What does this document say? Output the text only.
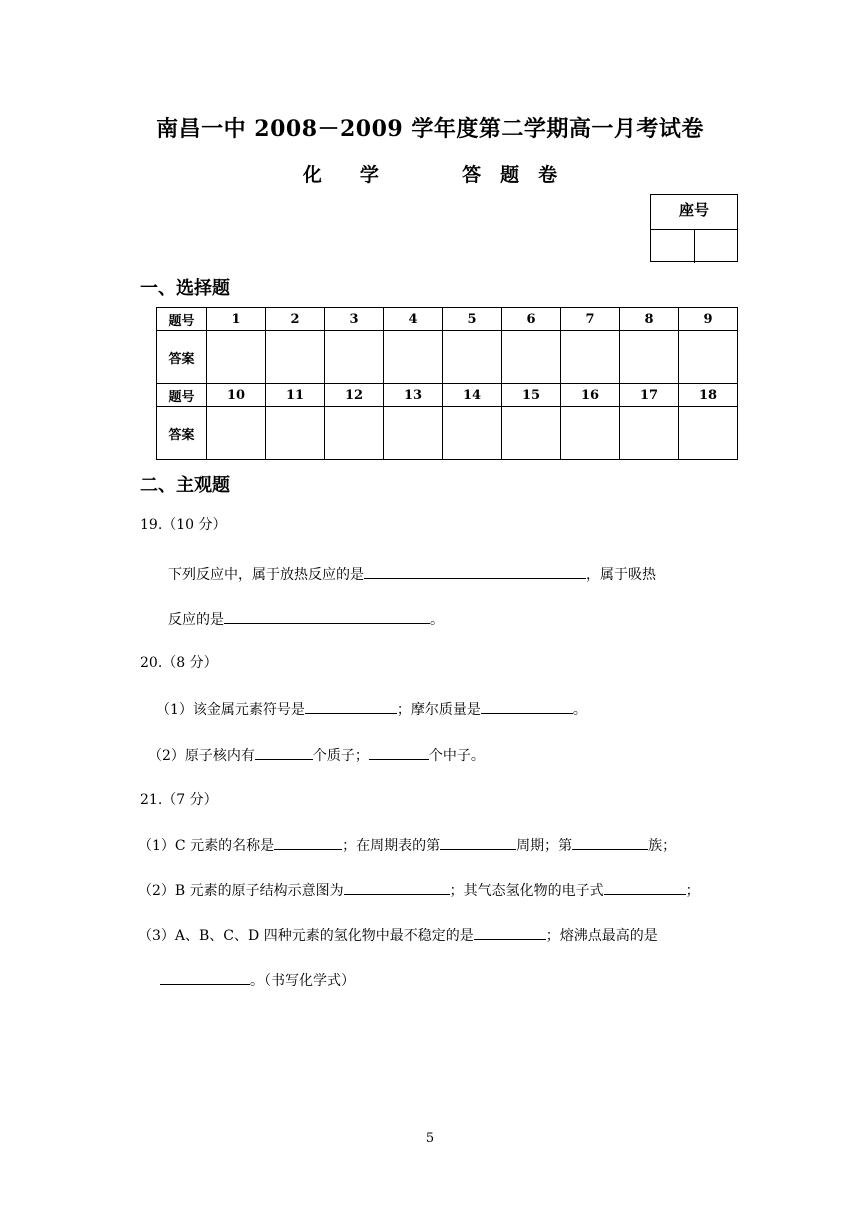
南昌一中 2008－2009 学年度第二学期高一月考试卷
化　　学	答　题　卷
座号
一、选择题
题号	1	2	3	4	5	6	7	8	9
答案									
题号	10	11	12	13	14	15	16	17	18
答案									
二、主观题
19.（10 分）
下列反应中，属于放热反应的是	，属于吸热
反应的是	。
20.（8 分）
（1）该金属元素符号是	；摩尔质量是	。
（2）原子核内有	个质子；	个中子。
21.（7 分）
（1）C 元素的名称是	；在周期表的第	周期；第	族；
（2）B 元素的原子结构示意图为	；其气态氢化物的电子式	；
（3）A、B、C、D 四种元素的氢化物中最不稳定的是	；熔沸点最高的是
。（书写化学式）
5
